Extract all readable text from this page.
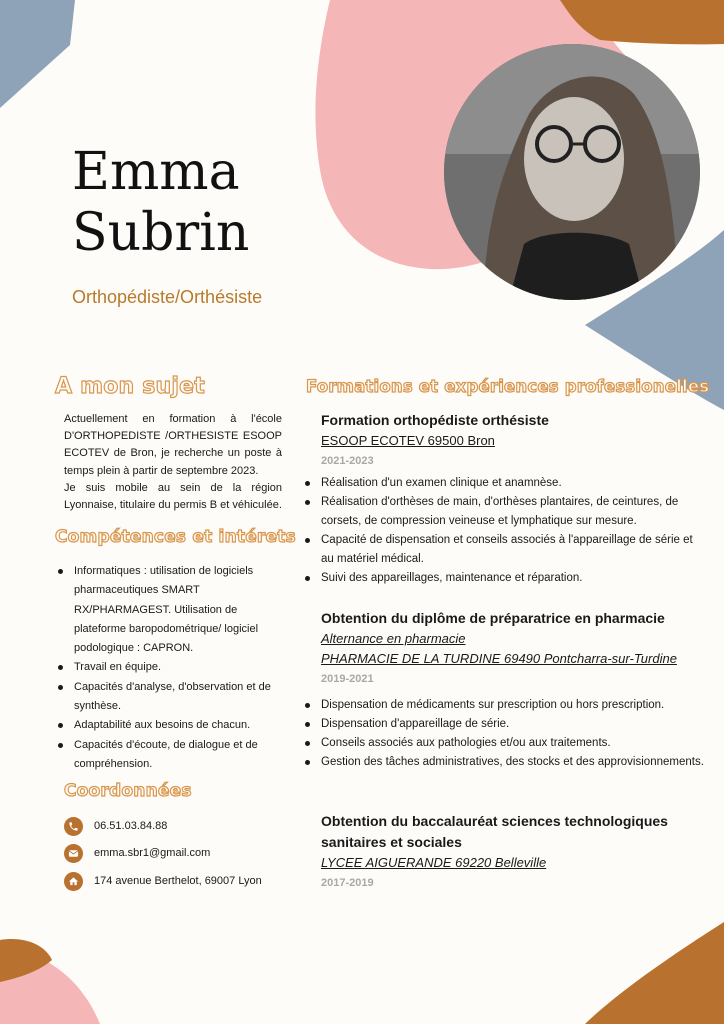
Emma
Subrin
Orthopédiste/Orthésiste
A mon sujet

Actuellement en formation à l'école D'ORTHOPEDISTE /ORTHESISTE ESOOP ECOTEV de Bron, je recherche un poste à temps plein à partir de septembre 2023.

Je suis mobile au sein de la région Lyonnaise, titulaire du permis B et véhiculée.

Compétences et intérets
Informatiques : utilisation de logiciels pharmaceutiques SMART RX/PHARMAGEST. Utilisation de plateforme baropodométrique/ logiciel podologique : CAPRON.
Travail en équipe.
Capacités d'analyse, d'observation et de synthèse.
Adaptabilité aux besoins de chacun.
Capacités d'écoute, de dialogue et de compréhension.
Coordonnées
06.51.03.84.88
emma.sbr1@gmail.com
174 avenue Berthelot, 69007 Lyon
Formations et expériences professionelles

Formation orthopédiste orthésiste

ESOOP ECOTEV 69500 Bron

2021-2023
Réalisation d'un examen clinique et anamnèse.
Réalisation d'orthèses de main, d'orthèses plantaires, de ceintures, de corsets, de compression veineuse et lymphatique sur mesure.
Capacité de dispensation et conseils associés à l'appareillage de série et au matériel médical.
Suivi des appareillages, maintenance et réparation.

Obtention du diplôme de préparatrice en pharmacie

Alternance en pharmacie

PHARMACIE DE LA TURDINE 69490 Pontcharra-sur-Turdine

2019-2021
Dispensation de médicaments sur prescription ou hors prescription.
Dispensation d'appareillage de série.
Conseils associés aux pathologies et/ou aux traitements.
Gestion des tâches administratives, des stocks et des approvisionnements.

Obtention du baccalauréat sciences technologiques sanitaires et sociales

LYCEE AIGUERANDE 69220 Belleville

2017-2019
